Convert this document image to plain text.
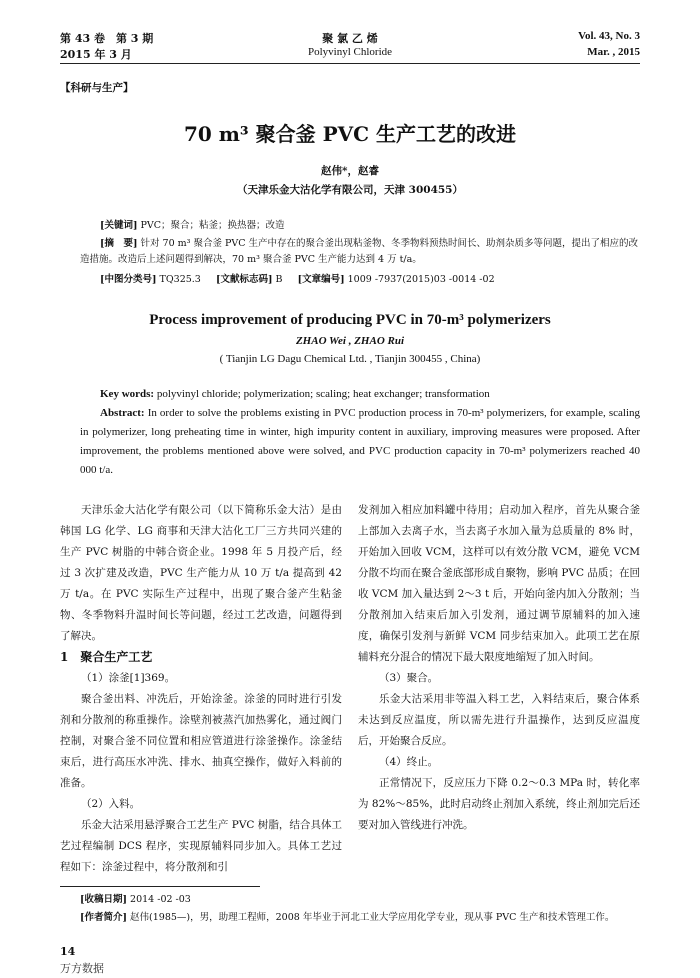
第 43 卷　第 3 期
2015 年 3 月
聚 氯 乙 烯
Polyvinyl Chloride
Vol. 43, No. 3
Mar. , 2015
【科研与生产】
70 m³ 聚合釜 PVC 生产工艺的改进
赵伟*，赵睿
（天津乐金大沽化学有限公司，天津 300455）
[关键词] PVC；聚合；粘釜；换热器；改造
[摘　要] 针对 70 m³ 聚合釜 PVC 生产中存在的聚合釜出现粘釜物、冬季物料预热时间长、助剂杂质多等问题，提出了相应的改造措施。改造后上述问题得到解决，70 m³ 聚合釜 PVC 生产能力达到 4 万 t/a。
[中图分类号] TQ325.3 [文献标志码] B [文章编号] 1009 -7937(2015)03 -0014 -02
Process improvement of producing PVC in 70-m³ polymerizers
ZHAO Wei , ZHAO Rui
( Tianjin LG Dagu Chemical Ltd. , Tianjin 300455 , China)
Key words: polyvinyl chloride; polymerization; scaling; heat exchanger; transformation
Abstract: In order to solve the problems existing in PVC production process in 70-m³ polymerizers, for example, scaling in polymerizer, long preheating time in winter, high impurity content in auxiliary, improving measures were proposed. After improvement, the problems mentioned above were solved, and PVC production capacity in 70-m³ polymerizers reached 40 000 t/a.

天津乐金大沽化学有限公司（以下简称乐金大沽）是由韩国 LG 化学、LG 商事和天津大沽化工厂三方共同兴建的生产 PVC 树脂的中韩合资企业。1998 年 5 月投产后，经过 3 次扩建及改造，PVC 生产能力从 10 万 t/a 提高到 42 万 t/a。在 PVC 实际生产过程中，出现了聚合釜产生粘釜物、冬季物料升温时间长等问题，经过工艺改造，问题得到了解决。

1　聚合生产工艺

（1）涂釜[1]369。

聚合釜出料、冲洗后，开始涂釜。涂釜的同时进行引发剂和分散剂的称重操作。涂壁剂被蒸汽加热雾化，通过阀门控制，对聚合釜不同位置和相应管道进行涂釜操作。涂釜结束后，进行高压水冲洗、排水、抽真空操作，做好入料前的准备。

（2）入料。

乐金大沽采用悬浮聚合工艺生产 PVC 树脂，结合具体工艺过程编制 DCS 程序，实现原辅料同步加入。具体工艺过程如下：涂釜过程中，将分散剂和引

发剂加入相应加料罐中待用；启动加入程序，首先从聚合釜上部加入去离子水，当去离子水加入量为总质量的 8% 时，开始加入回收 VCM，这样可以有效分散 VCM，避免 VCM 分散不均而在聚合釜底部形成自聚物，影响 PVC 品质；在回收 VCM 加入量达到 2～3 t 后，开始向釜内加入分散剂；当分散剂加入结束后加入引发剂，通过调节原辅料的加入速度，确保引发剂与新鲜 VCM 同步结束加入。此项工艺在原辅料充分混合的情况下最大限度地缩短了加入时间。

（3）聚合。

乐金大沽采用非等温入料工艺，入料结束后，聚合体系未达到反应温度，所以需先进行升温操作，达到反应温度后，开始聚合反应。

（4）终止。

正常情况下，反应压力下降 0.2～0.3 MPa 时，转化率为 82%～85%，此时启动终止剂加入系统，终止剂加完后还要对加入管线进行冲洗。

[收稿日期] 2014 -02 -03
[作者简介] 赵伟(1985—)，男，助理工程师，2008 年毕业于河北工业大学应用化学专业，现从事 PVC 生产和技术管理工作。
14
万方数据
